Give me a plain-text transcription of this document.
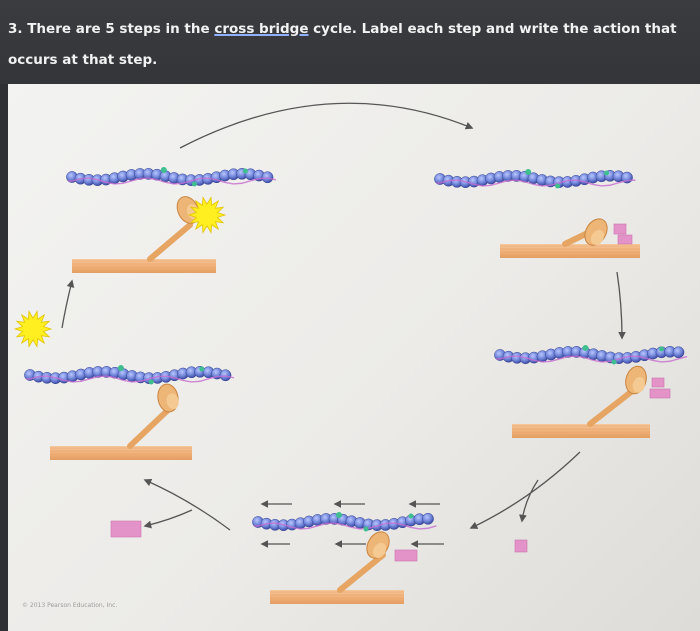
3. There are 5 steps in the cross bridge cycle. Label each step and write the action that occurs at that step.
© 2013 Pearson Education, Inc.
